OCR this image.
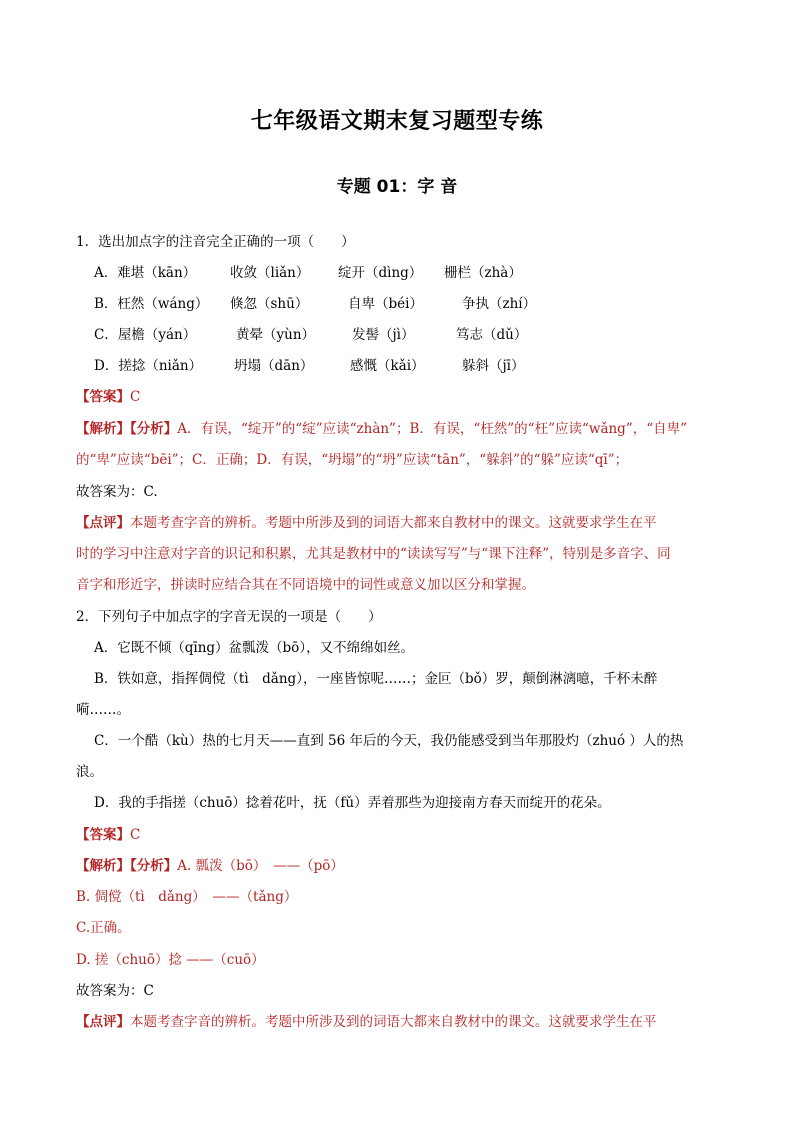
七年级语文期末复习题型专练
专题 01：字 音
1．选出加点字的注音完全正确的一项（　　）
A．难堪（kān）	收敛（liǎn） 绽开（dìng） 栅栏（zhà）
B．枉然（wáng） 倏忽（shū）	自卑（béi）	争执（zhí）
C．屋檐（yán）	黄晕（yùn）	发髻（jì）	笃志（dǔ）
D．搓捻（niǎn） 坍塌（dān）	感慨（kǎi）	躲斜（jī）
【答案】C
【解析】【分析】A．有误，“绽开”的“绽”应读“zhàn”；B．有误，“枉然”的“枉”应读“wǎng”，“自卑”
的“卑”应读“bēi”；C．正确；D．有误，“坍塌”的“坍”应读“tān”，“躲斜”的“躲”应读“qī”；
故答案为：C.
【点评】本题考查字音的辨析。考题中所涉及到的词语大都来自教材中的课文。这就要求学生在平
时的学习中注意对字音的识记和积累，尤其是教材中的“读读写写”与“课下注释”，特别是多音字、同
音字和形近字，拼读时应结合其在不同语境中的词性或意义加以区分和掌握。
2．下列句子中加点字的字音无误的一项是（　　）
A．它既不倾（qīng）盆瓢泼（bō），又不绵绵如丝。
B．铁如意，指挥倜傥（tì　dǎng），一座皆惊呢……；金叵（bǒ）罗，颠倒淋漓噫，千杯未醉
嗬……。
C．一个酷（kù）热的七月天——直到 56 年后的今天，我仍能感受到当年那股灼（zhuó ）人的热
浪。
D．我的手指搓（chuō）捻着花叶，抚（fǔ）弄着那些为迎接南方春天而绽开的花朵。
【答案】C
【解析】【分析】A. 瓢泼（bō）　——（pō）
B. 倜傥（tì　dǎng）　——（tǎng）
C.正确。
D. 搓（chuō）捻 ——（cuō）
故答案为：C
【点评】本题考查字音的辨析。考题中所涉及到的词语大都来自教材中的课文。这就要求学生在平
